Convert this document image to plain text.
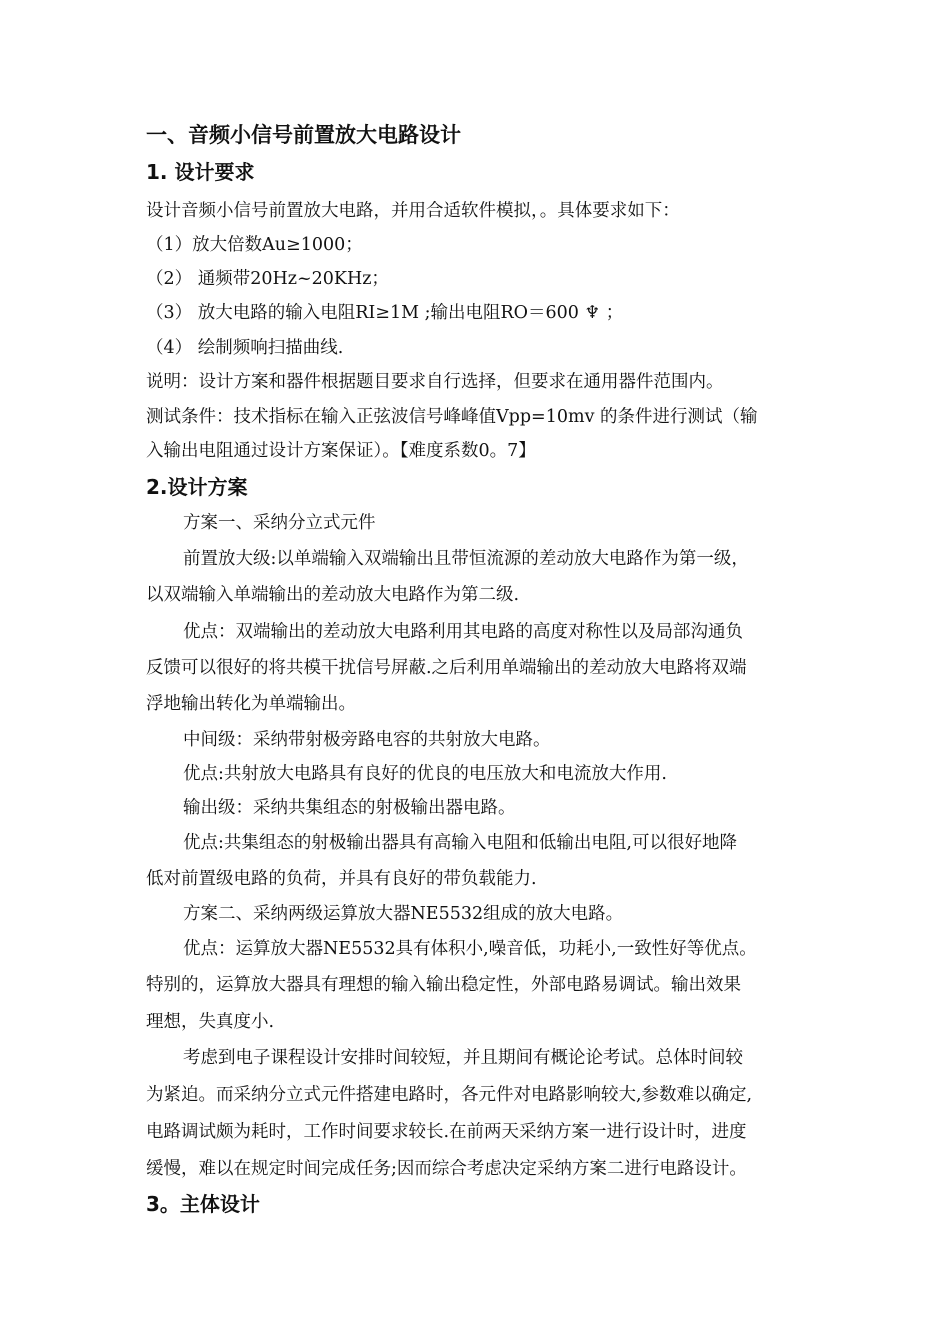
一、音频小信号前置放大电路设计
1. 设计要求
设计音频小信号前置放大电路，并用合适软件模拟，。具体要求如下：
（1）放大倍数Au≥1000；
（2） 通频带20Hz~20KHz；
（3） 放大电路的输入电阻RI≥1M ;输出电阻RO＝600 ♆ ；
（4） 绘制频响扫描曲线.
说明：设计方案和器件根据题目要求自行选择，但要求在通用器件范围内。
测试条件：技术指标在输入正弦波信号峰峰值Vpp=10mv 的条件进行测试（输
入输出电阻通过设计方案保证）。【难度系数0。7】
2.设计方案
方案一、采纳分立式元件
前置放大级:以单端输入双端输出且带恒流源的差动放大电路作为第一级，
以双端输入单端输出的差动放大电路作为第二级.
优点：双端输出的差动放大电路利用其电路的高度对称性以及局部沟通负
反馈可以很好的将共模干扰信号屏蔽.之后利用单端输出的差动放大电路将双端
浮地输出转化为单端输出。
中间级：采纳带射极旁路电容的共射放大电路。
优点:共射放大电路具有良好的优良的电压放大和电流放大作用.
输出级：采纳共集组态的射极输出器电路。
优点:共集组态的射极输出器具有高输入电阻和低输出电阻,可以很好地降
低对前置级电路的负荷，并具有良好的带负载能力.
方案二、采纳两级运算放大器NE5532组成的放大电路。
优点：运算放大器NE5532具有体积小,噪音低，功耗小,一致性好等优点。
特别的，运算放大器具有理想的输入输出稳定性，外部电路易调试。输出效果
理想，失真度小.
考虑到电子课程设计安排时间较短，并且期间有概论论考试。总体时间较
为紧迫。而采纳分立式元件搭建电路时，各元件对电路影响较大,参数难以确定,
电路调试颇为耗时，工作时间要求较长.在前两天采纳方案一进行设计时，进度
缓慢，难以在规定时间完成任务;因而综合考虑决定采纳方案二进行电路设计。
3。主体设计
